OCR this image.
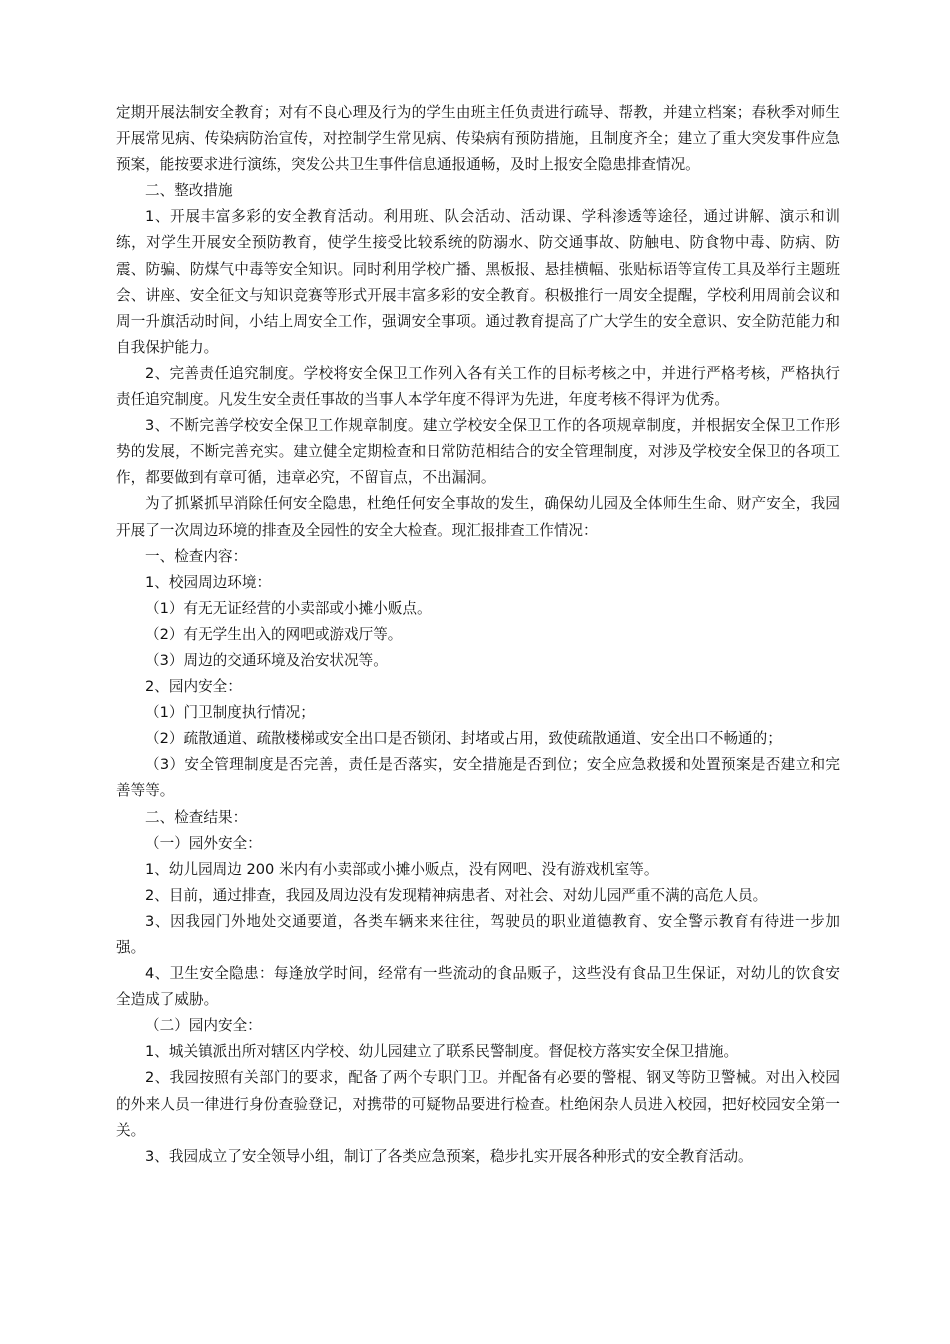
定期开展法制安全教育；对有不良心理及行为的学生由班主任负责进行疏导、帮教，并建立档案；春秋季对师生开展常见病、传染病防治宣传，对控制学生常见病、传染病有预防措施，且制度齐全；建立了重大突发事件应急预案，能按要求进行演练，突发公共卫生事件信息通报通畅，及时上报安全隐患排查情况。

二、整改措施

1、开展丰富多彩的安全教育活动。利用班、队会活动、活动课、学科渗透等途径，通过讲解、演示和训练，对学生开展安全预防教育，使学生接受比较系统的防溺水、防交通事故、防触电、防食物中毒、防病、防震、防骗、防煤气中毒等安全知识。同时利用学校广播、黑板报、悬挂横幅、张贴标语等宣传工具及举行主题班会、讲座、安全征文与知识竞赛等形式开展丰富多彩的安全教育。积极推行一周安全提醒，学校利用周前会议和周一升旗活动时间，小结上周安全工作，强调安全事项。通过教育提高了广大学生的安全意识、安全防范能力和自我保护能力。

2、完善责任追究制度。学校将安全保卫工作列入各有关工作的目标考核之中，并进行严格考核，严格执行责任追究制度。凡发生安全责任事故的当事人本学年度不得评为先进，年度考核不得评为优秀。

3、不断完善学校安全保卫工作规章制度。建立学校安全保卫工作的各项规章制度，并根据安全保卫工作形势的发展，不断完善充实。建立健全定期检查和日常防范相结合的安全管理制度，对涉及学校安全保卫的各项工作，都要做到有章可循，违章必究，不留盲点，不出漏洞。

为了抓紧抓早消除任何安全隐患，杜绝任何安全事故的发生，确保幼儿园及全体师生生命、财产安全，我园开展了一次周边环境的排查及全园性的安全大检查。现汇报排查工作情况：

一、检查内容：

1、校园周边环境：

（1）有无无证经营的小卖部或小摊小贩点。

（2）有无学生出入的网吧或游戏厅等。

（3）周边的交通环境及治安状况等。

2、园内安全：

（1）门卫制度执行情况；

（2）疏散通道、疏散楼梯或安全出口是否锁闭、封堵或占用，致使疏散通道、安全出口不畅通的；

（3）安全管理制度是否完善，责任是否落实，安全措施是否到位；安全应急救援和处置预案是否建立和完善等等。

二、检查结果：

（一）园外安全：

1、幼儿园周边 200 米内有小卖部或小摊小贩点，没有网吧、没有游戏机室等。

2、目前，通过排查，我园及周边没有发现精神病患者、对社会、对幼儿园严重不满的高危人员。

3、因我园门外地处交通要道，各类车辆来来往往，驾驶员的职业道德教育、安全警示教育有待进一步加强。

4、卫生安全隐患：每逢放学时间，经常有一些流动的食品贩子，这些没有食品卫生保证，对幼儿的饮食安全造成了威胁。

（二）园内安全：

1、城关镇派出所对辖区内学校、幼儿园建立了联系民警制度。督促校方落实安全保卫措施。

2、我园按照有关部门的要求，配备了两个专职门卫。并配备有必要的警棍、钢叉等防卫警械。对出入校园的外来人员一律进行身份查验登记，对携带的可疑物品要进行检查。杜绝闲杂人员进入校园，把好校园安全第一关。

3、我园成立了安全领导小组，制订了各类应急预案，稳步扎实开展各种形式的安全教育活动。
